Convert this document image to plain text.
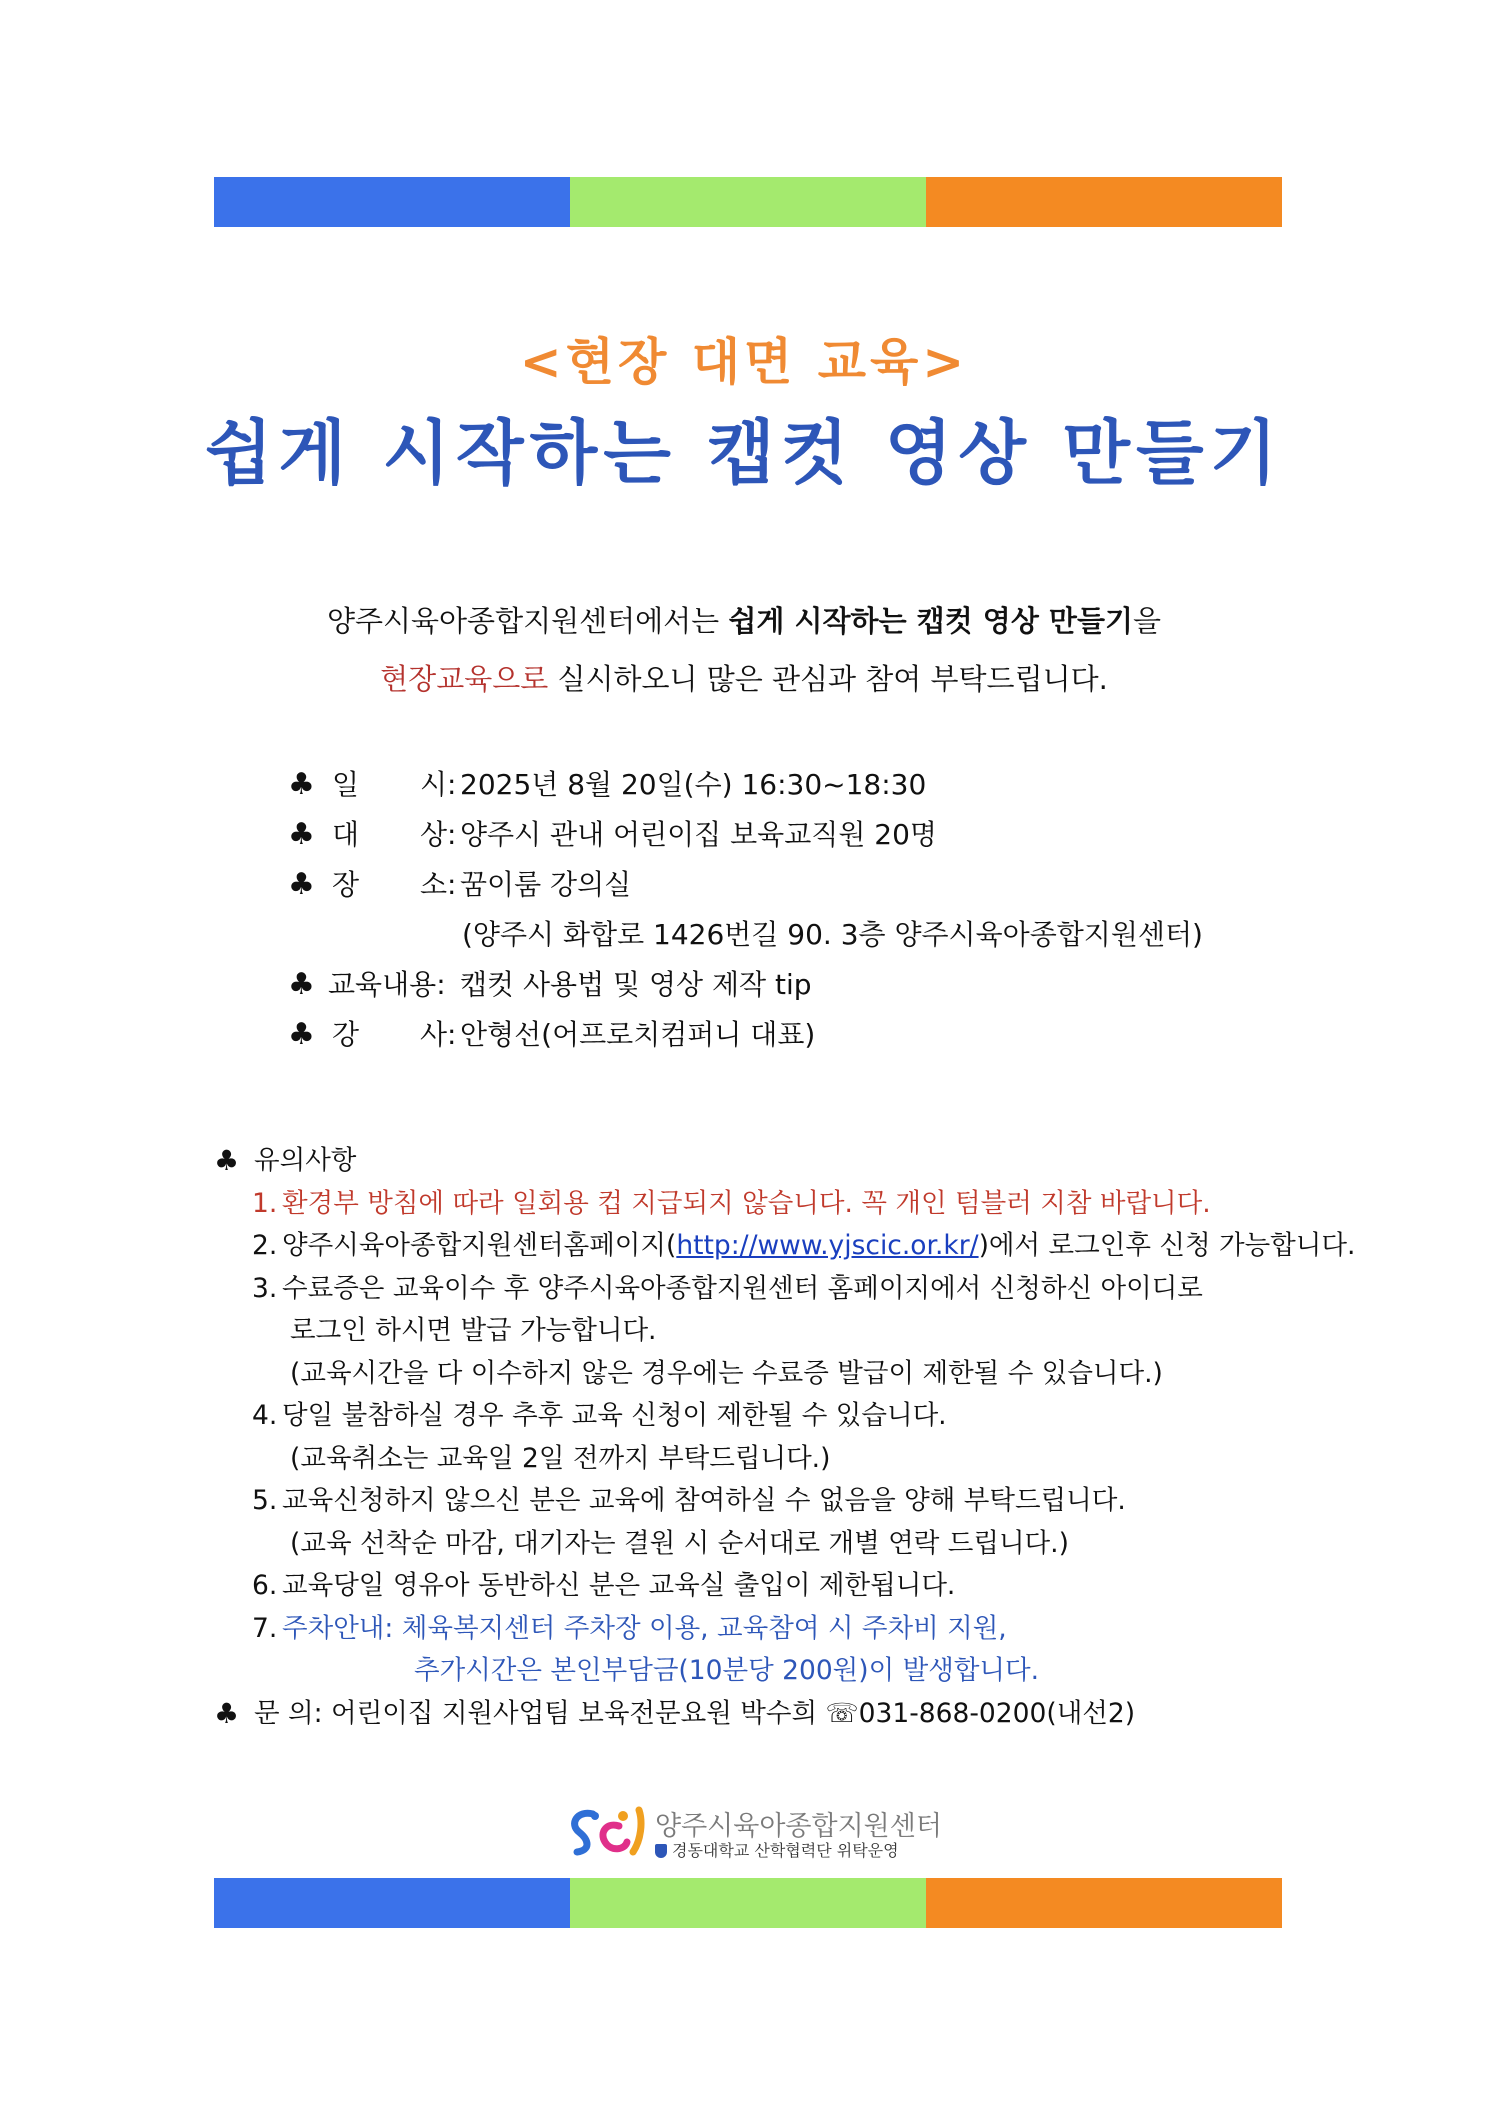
<현장 대면 교육>
쉽게 시작하는 캡컷 영상 만들기
양주시육아종합지원센터에서는 쉽게 시작하는 캡컷 영상 만들기을
현장교육으로 실시하오니 많은 관심과 참여 부탁드립니다.
♣ 일 시: 2025년 8월 20일(수) 16:30~18:30
♣ 대 상: 양주시 관내 어린이집 보육교직원 20명
♣ 장 소: 꿈이룸 강의실
(양주시 화합로 1426번길 90. 3층 양주시육아종합지원센터)
♣ 교육내용: 캡컷 사용법 및 영상 제작 tip
♣ 강 사: 안형선(어프로치컴퍼니 대표)
♣ 유의사항
1. 환경부 방침에 따라 일회용 컵 지급되지 않습니다. 꼭 개인 텀블러 지참 바랍니다.
2. 양주시육아종합지원센터홈페이지(http://www.yjscic.or.kr/)에서 로그인후 신청 가능합니다.
3. 수료증은 교육이수 후 양주시육아종합지원센터 홈페이지에서 신청하신 아이디로
로그인 하시면 발급 가능합니다.
(교육시간을 다 이수하지 않은 경우에는 수료증 발급이 제한될 수 있습니다.)
4. 당일 불참하실 경우 추후 교육 신청이 제한될 수 있습니다.
(교육취소는 교육일 2일 전까지 부탁드립니다.)
5. 교육신청하지 않으신 분은 교육에 참여하실 수 없음을 양해 부탁드립니다.
(교육 선착순 마감, 대기자는 결원 시 순서대로 개별 연락 드립니다.)
6. 교육당일 영유아 동반하신 분은 교육실 출입이 제한됩니다.
7. 주차안내: 체육복지센터 주차장 이용, 교육참여 시 주차비 지원,
추가시간은 본인부담금(10분당 200원)이 발생합니다.
♣ 문 의: 어린이집 지원사업팀 보육전문요원 박수희 ☏031-868-0200(내선2)
양주시육아종합지원센터
경동대학교 산학협력단 위탁운영
